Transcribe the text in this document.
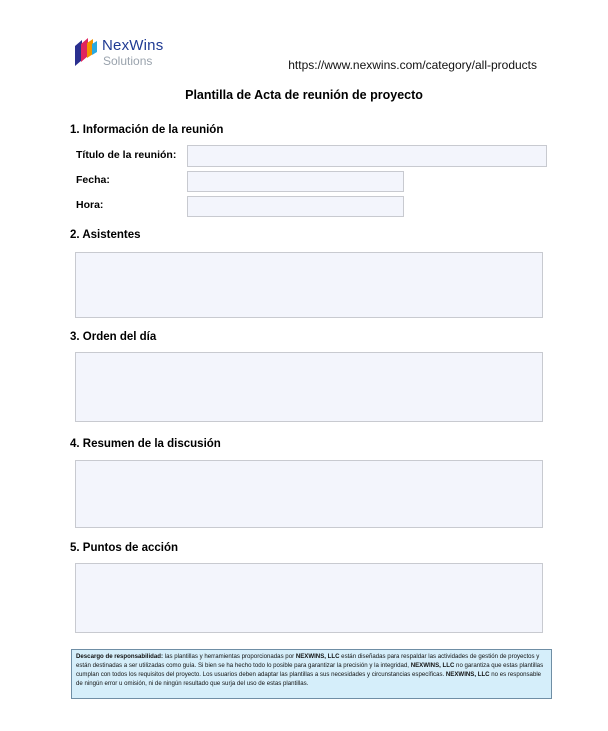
NexWins
Solutions	https://www.nexwins.com/category/all-products
Plantilla de Acta de reunión de proyecto
1. Información de la reunión
Título de la reunión:
Fecha:
Hora:
2. Asistentes
3. Orden del día
4. Resumen de la discusión
5. Puntos de acción
Descargo de responsabilidad: las plantillas y herramientas proporcionadas por NEXWINS, LLC están diseñadas para respaldar las actividades de gestión de proyectos y están destinadas a ser utilizadas como guía. Si bien se ha hecho todo lo posible para garantizar la precisión y la integridad, NEXWINS, LLC no garantiza que estas plantillas cumplan con todos los requisitos del proyecto. Los usuarios deben adaptar las plantillas a sus necesidades y circunstancias específicas. NEXWINS, LLC no es responsable de ningún error u omisión, ni de ningún resultado que surja del uso de estas plantillas.
